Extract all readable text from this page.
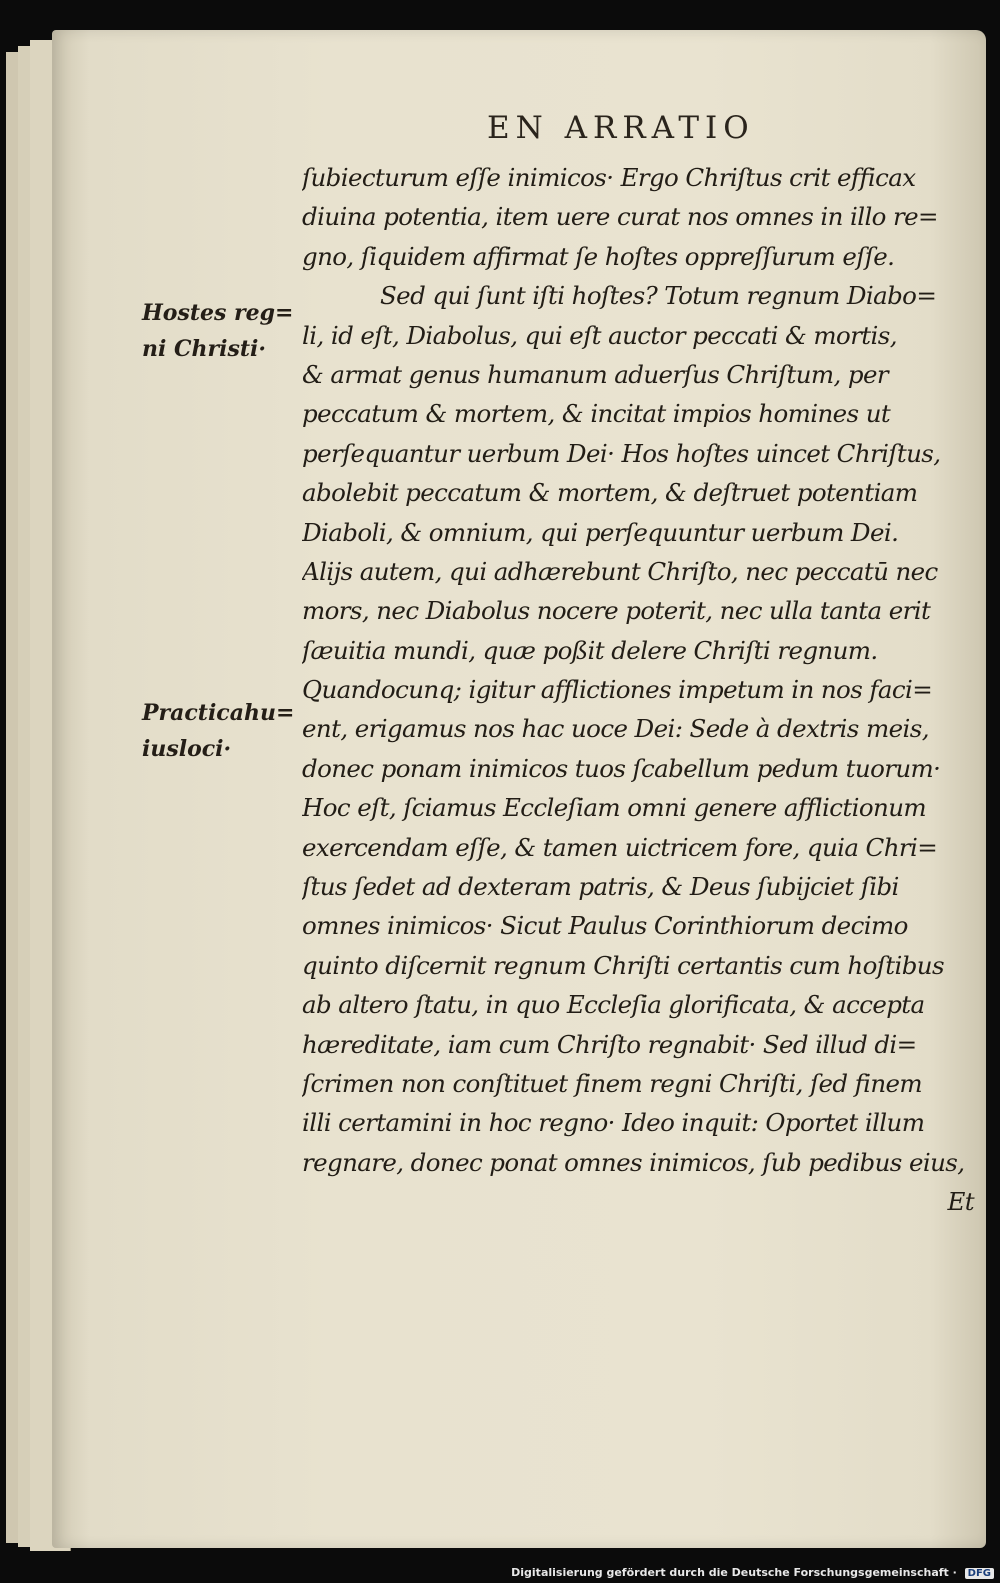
EN ARRATIO
Hostes reg=
ni Christi·
Practicahu=
iusloci·
ſubiecturum eſſe inimicos· Ergo Chriſtus crit efficax
diuina potentia, item uere curat nos omnes in illo re=
gno, ſiquidem affirmat ſe hoſtes oppreſſurum eſſe.
Sed qui ſunt iſti hoſtes? Totum regnum Diabo=
li, id eſt, Diabolus, qui eſt auctor peccati & mortis,
& armat genus humanum aduerſus Chriſtum, per
peccatum & mortem, & incitat impios homines ut
perſequantur uerbum Dei· Hos hoſtes uincet Chriſtus,
abolebit peccatum & mortem, & deſtruet potentiam
Diaboli, & omnium, qui perſequuntur uerbum Dei.
Alijs autem, qui adhærebunt Chriſto, nec peccatū nec
mors, nec Diabolus nocere poterit, nec ulla tanta erit
ſæuitia mundi, quæ poßit delere Chriſti regnum.
Quandocunq; igitur afflictiones impetum in nos faci=
ent, erigamus nos hac uoce Dei: Sede à dextris meis,
donec ponam inimicos tuos ſcabellum pedum tuorum·
Hoc eſt, ſciamus Eccleſiam omni genere afflictionum
exercendam eſſe, & tamen uictricem fore, quia Chri=
ſtus ſedet ad dexteram patris, & Deus ſubijciet ſibi
omnes inimicos· Sicut Paulus Corinthiorum decimo
quinto diſcernit regnum Chriſti certantis cum hoſtibus
ab altero ſtatu, in quo Eccleſia glorificata, & accepta
hæreditate, iam cum Chriſto regnabit· Sed illud di=
ſcrimen non conſtituet finem regni Chriſti, ſed finem
illi certamini in hoc regno· Ideo inquit: Oportet illum
regnare, donec ponat omnes inimicos, ſub pedibus eius,
Et
Digitalisierung gefördert durch die Deutsche Forschungsgemeinschaft · DFG
